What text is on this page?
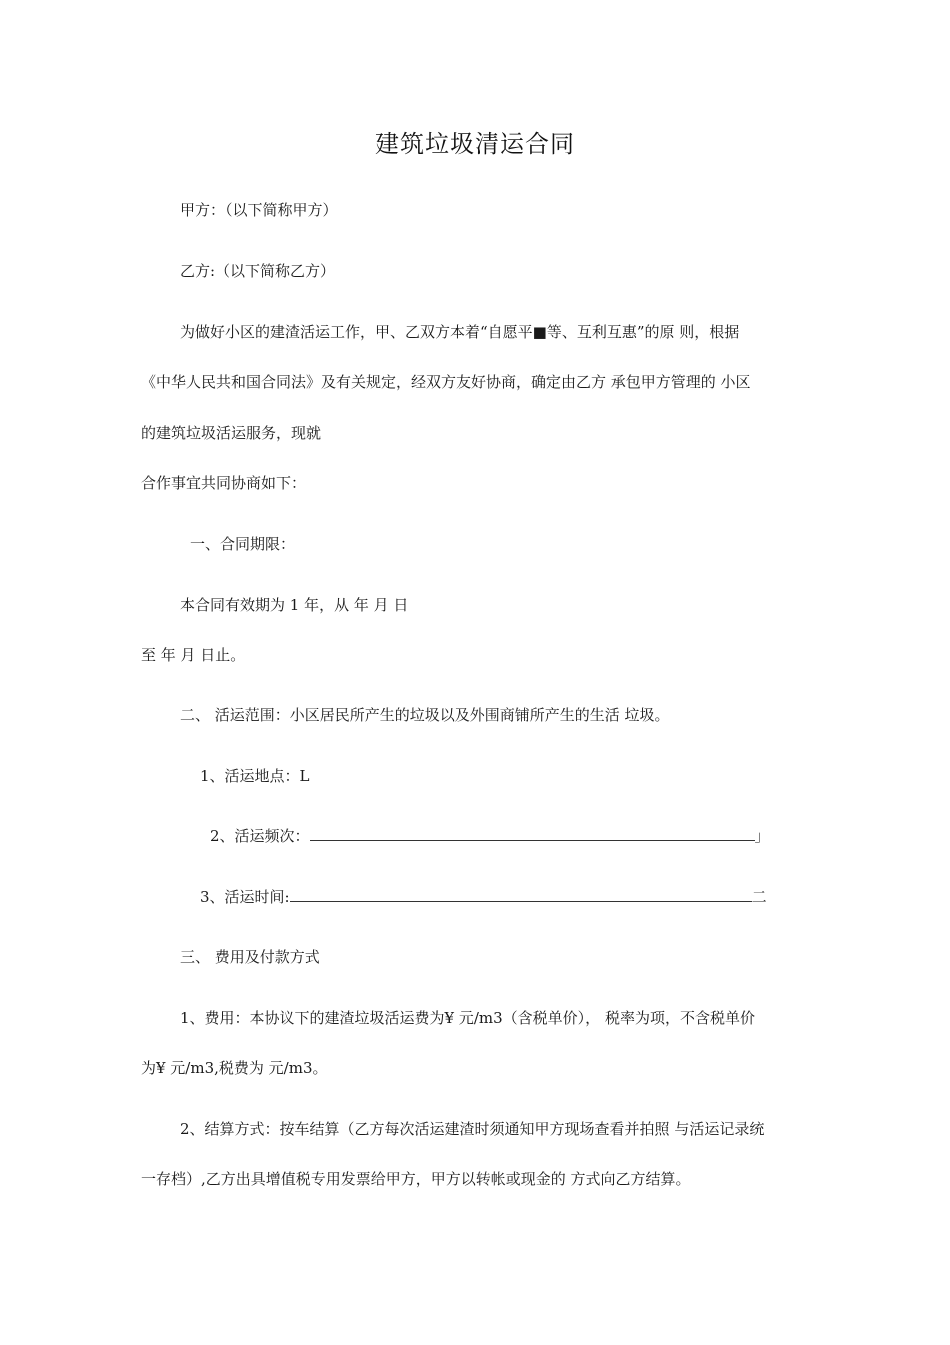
建筑垃圾清运合同
甲方：（以下简称甲方）
乙方:（以下简称乙方）
为做好小区的建渣活运工作，甲、乙双方本着“自愿平■等、互利互惠”的原 则，根据
《中华人民共和国合同法》及有关规定，经双方友好协商，确定由乙方 承包甲方管理的 小区
的建筑垃圾活运服务，现就
合作事宜共同协商如下：
一、合同期限：
本合同有效期为 1 年，从 年 月 日
至 年 月 日止。
二、 活运范围：小区居民所产生的垃圾以及外围商铺所产生的生活 垃圾。
1、活运地点：L
2、活运频次：	」
3、活运时间:	二
三、 费用及付款方式
1、费用：本协议下的建渣垃圾活运费为¥ 元/m3（含税单价）， 税率为项，不含税单价
为¥ 元/m3,税费为 元/m3。
2、结算方式：按车结算（乙方每次活运建渣时须通知甲方现场查看并拍照 与活运记录统
一存档）,乙方出具增值税专用发票给甲方，甲方以转帐或现金的 方式向乙方结算。
